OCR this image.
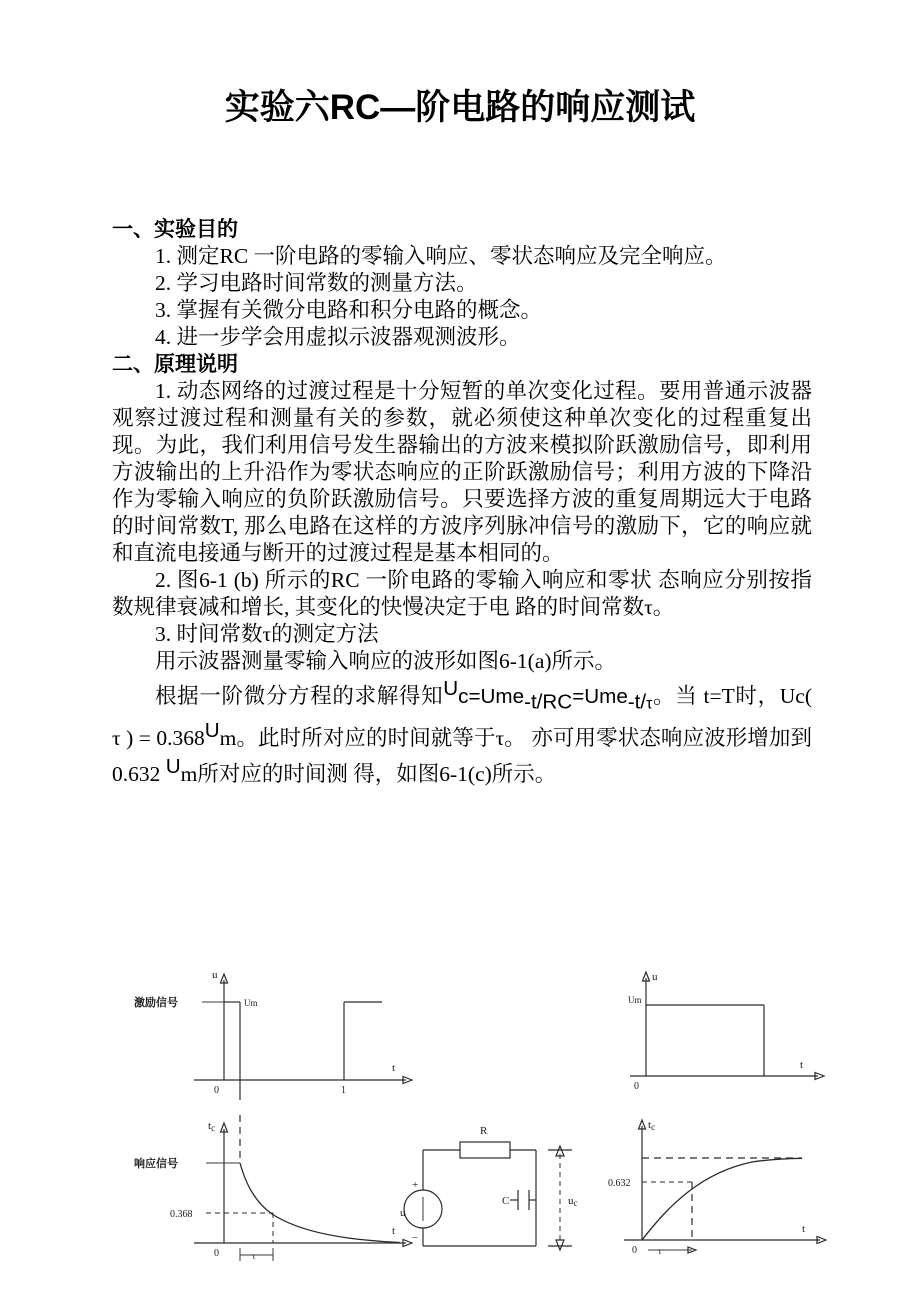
实验六RC—阶电路的响应测试

一、实验目的

1. 测定RC 一阶电路的零输入响应、零状态响应及完全响应。

2. 学习电路时间常数的测量方法。

3. 掌握有关微分电路和积分电路的概念。

4. 进一步学会用虚拟示波器观测波形。

二、原理说明

1. 动态网络的过渡过程是十分短暂的单次变化过程。要用普通示波器观察过渡过程和测量有关的参数，就必须使这种单次变化的过程重复出现。为此，我们利用信号发生器输出的方波来模拟阶跃激励信号，即利用方波输出的上升沿作为零状态响应的正阶跃激励信号；利用方波的下降沿作为零输入响应的负阶跃激励信号。只要选择方波的重复周期远大于电路的时间常数T, 那么电路在这样的方波序列脉冲信号的激励下，它的响应就和直流电接通与断开的过渡过程是基本相同的。

2. 图6-1 (b) 所示的RC 一阶电路的零输入响应和零状 态响应分别按指数规律衰减和增长, 其变化的快慢决定于电 路的时间常数τ。

3. 时间常数τ的测定方法

用示波器测量零输入响应的波形如图6-1(a)所示。

根据一阶微分方程的求解得知$Uc=Ume-t/RC=Ume-t/_\tau$。当 t=T时，Uc( τ ) = 0.368Um。此时所对应的时间就等于τ。 亦可用零状态响应波形增加到0.632 Um所对应的时间测 得，如图6-1(c)所示。

u
t
0	1
Um
激励信号
u
t
0
Um
tc
t
0
0.368
τ
响应信号
R
C
u
+
–
uc
tc
t
0
0.632
τ
